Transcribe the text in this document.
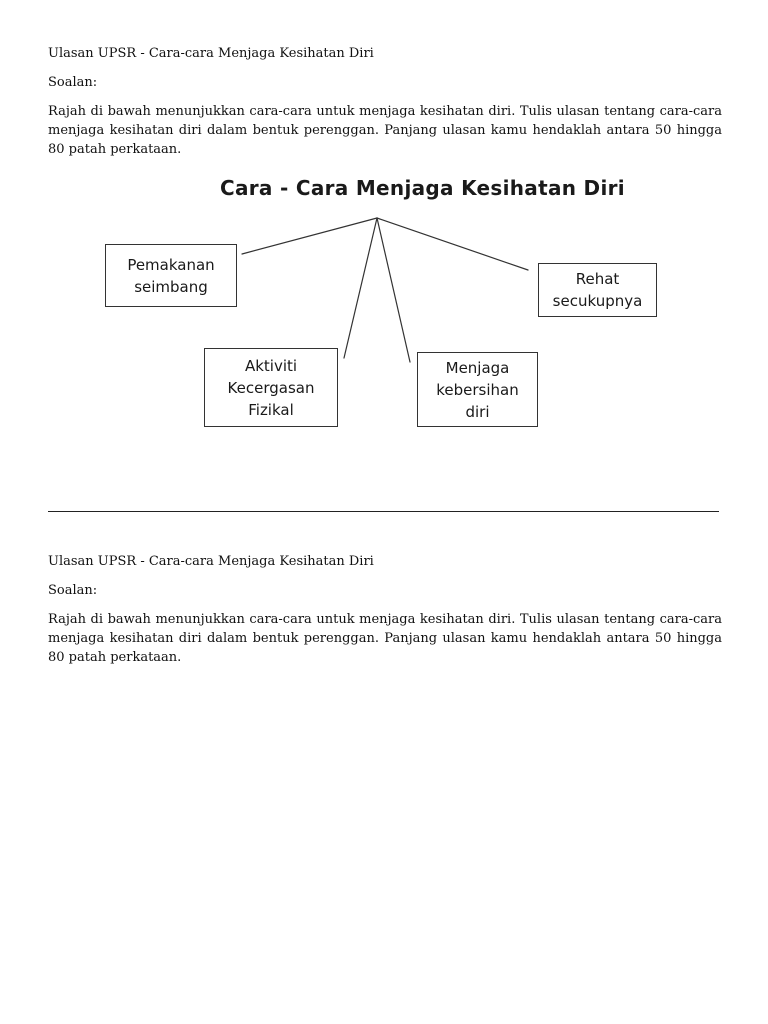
Ulasan UPSR - Cara-cara Menjaga Kesihatan Diri

Soalan:

Rajah di bawah menunjukkan cara-cara untuk menjaga kesihatan diri. Tulis ulasan tentang cara-cara menjaga kesihatan diri dalam bentuk perenggan. Panjang ulasan kamu hendaklah antara 50 hingga 80 patah perkataan.

Cara - Cara Menjaga Kesihatan Diri
Pemakanan
seimbang	Rehat
secukupnya
Aktiviti
Kecergasan
Fizikal
Menjaga
kebersihan
diri

Ulasan UPSR - Cara-cara Menjaga Kesihatan Diri

Soalan:

Rajah di bawah menunjukkan cara-cara untuk menjaga kesihatan diri. Tulis ulasan tentang cara-cara menjaga kesihatan diri dalam bentuk perenggan. Panjang ulasan kamu hendaklah antara 50 hingga 80 patah perkataan.
